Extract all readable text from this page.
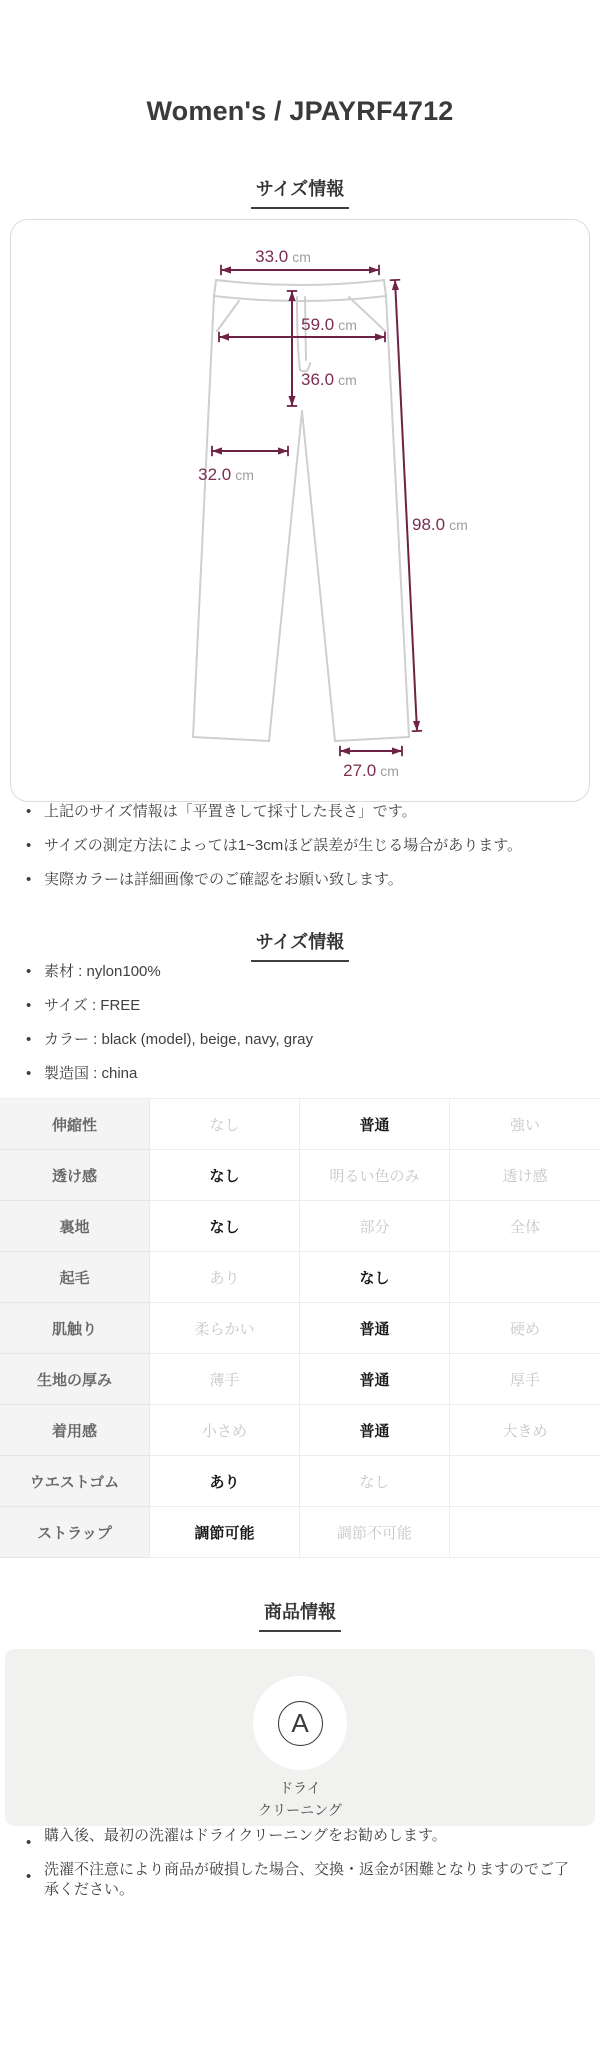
Women's / JPAYRF4712
サイズ情報
33.0 cm
59.0 cm
36.0 cm
32.0 cm
98.0 cm
27.0 cm
• 上記のサイズ情報は「平置きして採寸した長さ」です。
• サイズの測定方法によっては1~3cmほど誤差が生じる場合があります。
• 実際カラーは詳細画像でのご確認をお願い致します。
サイズ情報
• 素材 : nylon100%
• サイズ : FREE
• カラー : black (model), beige, navy, gray
• 製造国 : china
伸縮性	なし	普通	強い
透け感	なし	明るい色のみ	透け感
裏地	なし	部分	全体
起毛	あり	なし
肌触り	柔らかい	普通	硬め
生地の厚み	薄手	普通	厚手
着用感	小さめ	普通	大きめ
ウエストゴム	あり	なし
ストラップ	調節可能	調節不可能
商品情報
A
ドライ
クリーニング
• 購入後、最初の洗濯はドライクリーニングをお勧めします。
• 洗濯不注意により商品が破損した場合、交換・返金が困難となりますのでご了承ください。
